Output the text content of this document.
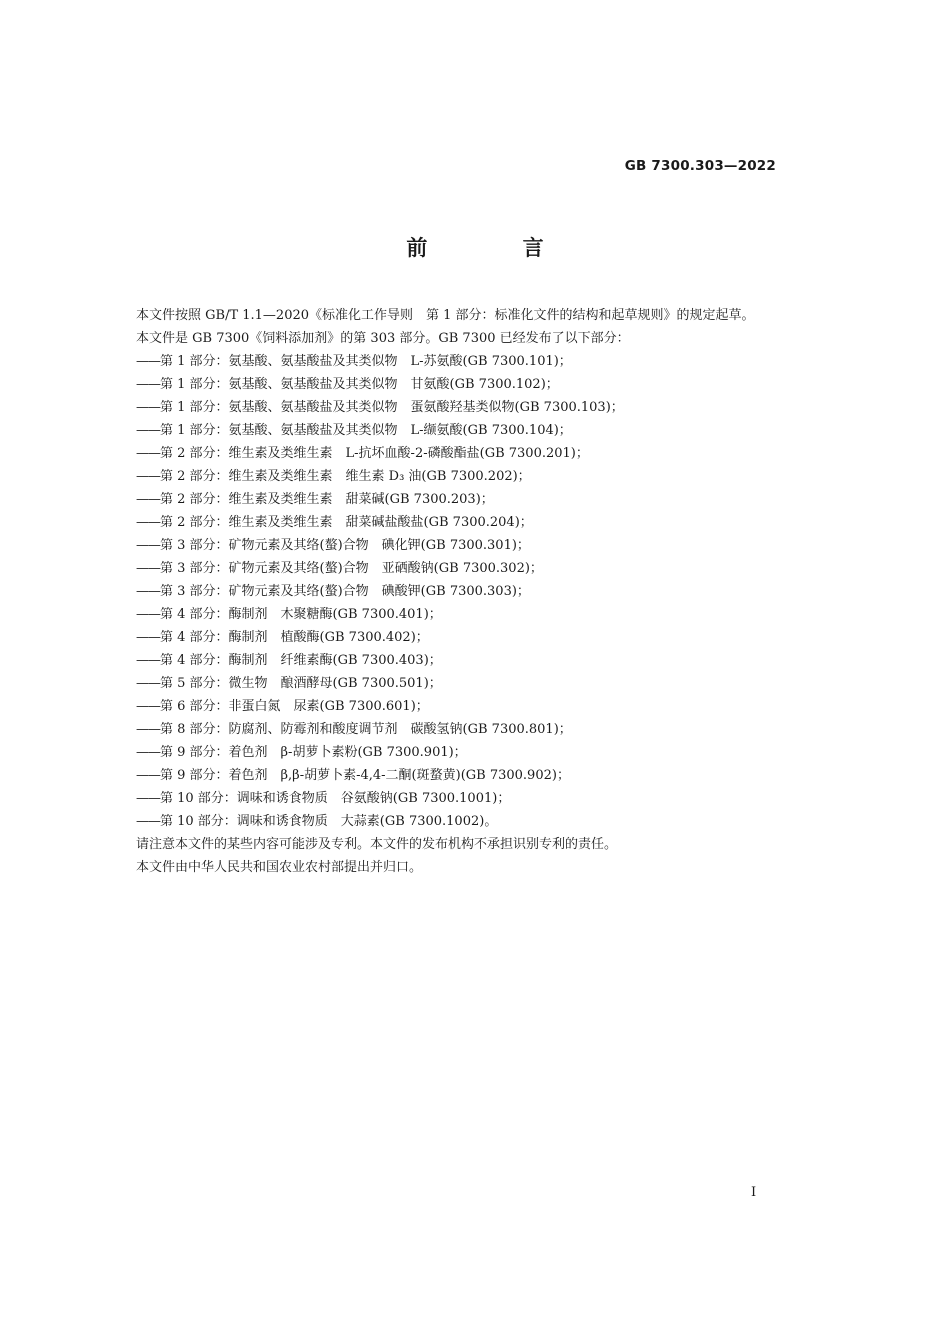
GB 7300.303—2022
前 言

本文件按照 GB/T 1.1—2020《标准化工作导则　第 1 部分：标准化文件的结构和起草规则》的规定起草。

本文件是 GB 7300《饲料添加剂》的第 303 部分。GB 7300 已经发布了以下部分：

——第 1 部分：氨基酸、氨基酸盐及其类似物　L-苏氨酸(GB 7300.101)；
——第 1 部分：氨基酸、氨基酸盐及其类似物　甘氨酸(GB 7300.102)；
——第 1 部分：氨基酸、氨基酸盐及其类似物　蛋氨酸羟基类似物(GB 7300.103)；
——第 1 部分：氨基酸、氨基酸盐及其类似物　L-缬氨酸(GB 7300.104)；
——第 2 部分：维生素及类维生素　L-抗坏血酸-2-磷酸酯盐(GB 7300.201)；
——第 2 部分：维生素及类维生素　维生素 D₃ 油(GB 7300.202)；
——第 2 部分：维生素及类维生素　甜菜碱(GB 7300.203)；
——第 2 部分：维生素及类维生素　甜菜碱盐酸盐(GB 7300.204)；
——第 3 部分：矿物元素及其络(螯)合物　碘化钾(GB 7300.301)；
——第 3 部分：矿物元素及其络(螯)合物　亚硒酸钠(GB 7300.302)；
——第 3 部分：矿物元素及其络(螯)合物　碘酸钾(GB 7300.303)；
——第 4 部分：酶制剂　木聚糖酶(GB 7300.401)；
——第 4 部分：酶制剂　植酸酶(GB 7300.402)；
——第 4 部分：酶制剂　纤维素酶(GB 7300.403)；
——第 5 部分：微生物　酿酒酵母(GB 7300.501)；
——第 6 部分：非蛋白氮　尿素(GB 7300.601)；
——第 8 部分：防腐剂、防霉剂和酸度调节剂　碳酸氢钠(GB 7300.801)；
——第 9 部分：着色剂　β-胡萝卜素粉(GB 7300.901)；
——第 9 部分：着色剂　β,β-胡萝卜素-4,4-二酮(斑蝥黄)(GB 7300.902)；
——第 10 部分：调味和诱食物质　谷氨酸钠(GB 7300.1001)；
——第 10 部分：调味和诱食物质　大蒜素(GB 7300.1002)。

请注意本文件的某些内容可能涉及专利。本文件的发布机构不承担识别专利的责任。

本文件由中华人民共和国农业农村部提出并归口。

I
